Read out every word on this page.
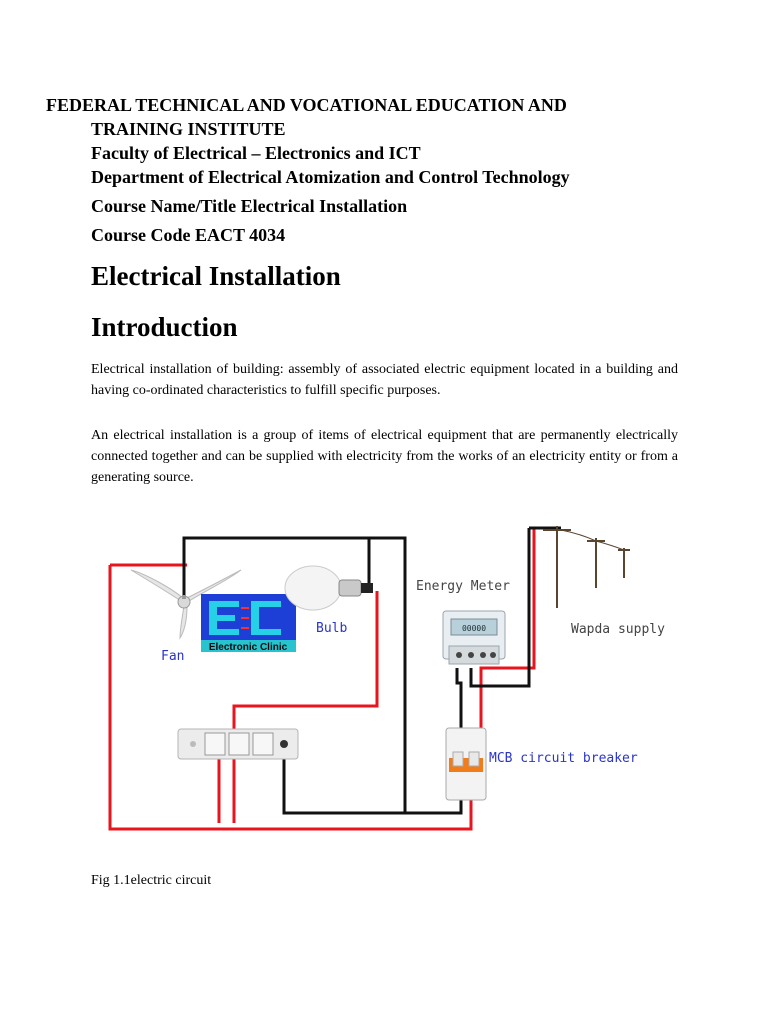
FEDERAL TECHNICAL AND VOCATIONAL EDUCATION AND
TRAINING INSTITUTE
Faculty of Electrical – Electronics and ICT
Department of Electrical Atomization and Control Technology
Course Name/Title Electrical Installation
Course Code EACT 4034
Electrical Installation
Introduction
Electrical installation of building: assembly of associated electric equipment located in a building and having co-ordinated characteristics to fulfill specific purposes.
An electrical installation is a group of items of electrical equipment that are permanently electrically connected together and can be supplied with electricity from the works of an electricity entity or from a generating source.
Electronic Clinic
00000
Fan
Bulb
Energy Meter
Wapda supply
MCB circuit breaker
Fig 1.1electric circuit
